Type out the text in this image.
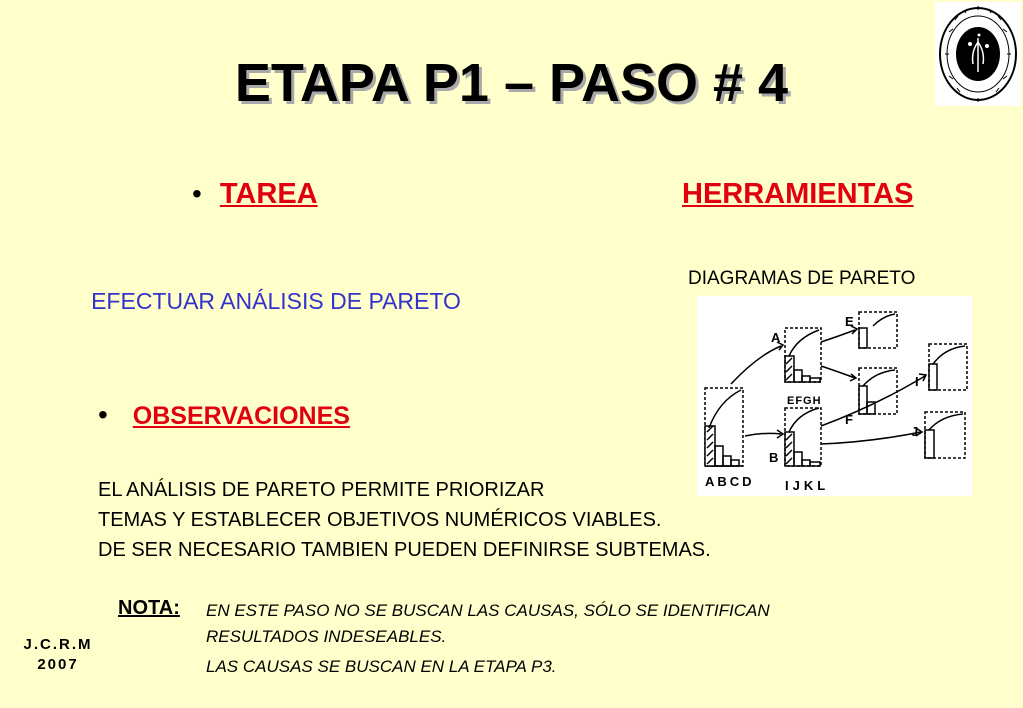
ETAPA P1 – PASO # 4
• TAREA	HERRAMIENTAS
DIAGRAMAS DE PARETO
EFECTUAR ANÁLISIS DE PARETO
A
B
E
F
I
J
ABCD
EFGH
IJKL
• OBSERVACIONES
EL ANÁLISIS DE PARETO PERMITE PRIORIZAR
TEMAS Y ESTABLECER OBJETIVOS NUMÉRICOS VIABLES.
DE SER NECESARIO TAMBIEN PUEDEN DEFINIRSE SUBTEMAS.
NOTA: EN ESTE PASO NO SE BUSCAN LAS CAUSAS, SÓLO SE IDENTIFICAN
RESULTADOS INDESEABLES.
LAS CAUSAS SE BUSCAN EN LA ETAPA P3.
J.C.R.M
2007
